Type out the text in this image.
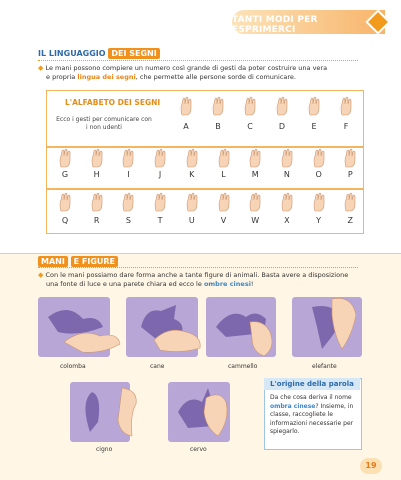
TANTI MODI PER ESPRIMERCI
IL LINGUAGGIO DEI SEGNI
◆ Le mani possono compiere un numero così grande di gesti da poter costruire una vera
e propria lingua dei segni, che permette alle persone sorde di comunicare.
L'ALFABETO DEI SEGNI
Ecco i gesti per comunicare con i non udenti	A	B	C	D	E	F
G	H	I	J	K	L	M	N	O	P
Q	R	S	T	U	V	W	X	Y	Z
MANI E FIGURE
◆ Con le mani possiamo dare forma anche a tante figure di animali. Basta avere a disposizione
una fonte di luce e una parete chiara ed ecco le ombre cinesi!
colomba	cane	cammello	elefante
cigno	cervo
L'origine della parola
Da che cosa deriva il nome ombra cinese? Insieme, in classe, raccogliete le informazioni necessarie per spiegarlo.
19
